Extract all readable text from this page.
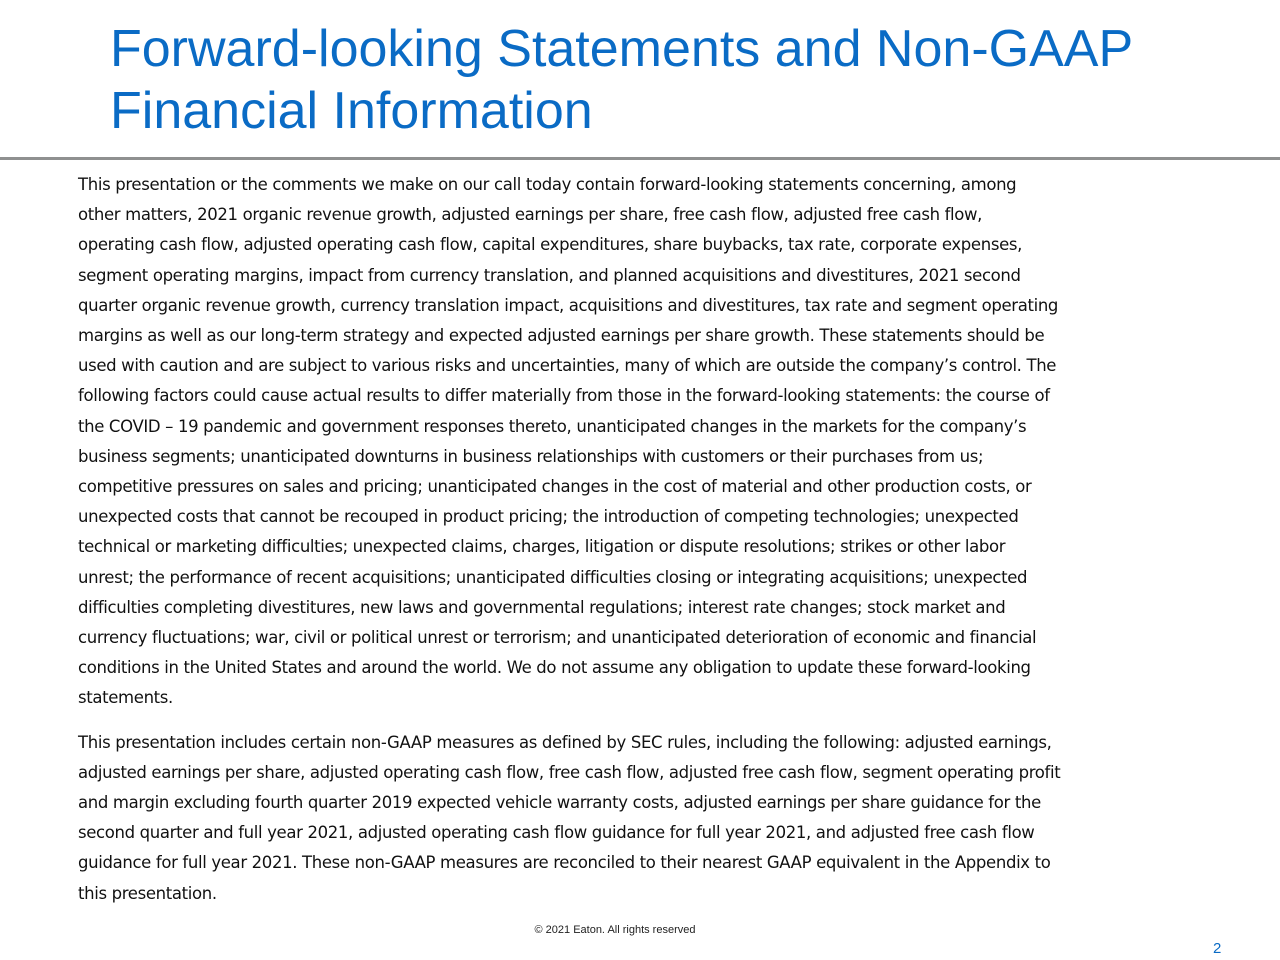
Forward-looking Statements and Non-GAAP
Financial Information

This presentation or the comments we make on our call today contain forward-looking statements concerning, among
other matters, 2021 organic revenue growth, adjusted earnings per share, free cash flow, adjusted free cash flow,
operating cash flow, adjusted operating cash flow, capital expenditures, share buybacks, tax rate, corporate expenses,
segment operating margins, impact from currency translation, and planned acquisitions and divestitures, 2021 second
quarter organic revenue growth, currency translation impact, acquisitions and divestitures, tax rate and segment operating
margins as well as our long-term strategy and expected adjusted earnings per share growth. These statements should be
used with caution and are subject to various risks and uncertainties, many of which are outside the company’s control. The
following factors could cause actual results to differ materially from those in the forward-looking statements: the course of
the COVID – 19 pandemic and government responses thereto, unanticipated changes in the markets for the company’s
business segments; unanticipated downturns in business relationships with customers or their purchases from us;
competitive pressures on sales and pricing; unanticipated changes in the cost of material and other production costs, or
unexpected costs that cannot be recouped in product pricing; the introduction of competing technologies; unexpected
technical or marketing difficulties; unexpected claims, charges, litigation or dispute resolutions; strikes or other labor
unrest; the performance of recent acquisitions; unanticipated difficulties closing or integrating acquisitions; unexpected
difficulties completing divestitures, new laws and governmental regulations; interest rate changes; stock market and
currency fluctuations; war, civil or political unrest or terrorism; and unanticipated deterioration of economic and financial
conditions in the United States and around the world. We do not assume any obligation to update these forward-looking
statements.

This presentation includes certain non-GAAP measures as defined by SEC rules, including the following: adjusted earnings,
adjusted earnings per share, adjusted operating cash flow, free cash flow, adjusted free cash flow, segment operating profit
and margin excluding fourth quarter 2019 expected vehicle warranty costs, adjusted earnings per share guidance for the
second quarter and full year 2021, adjusted operating cash flow guidance for full year 2021, and adjusted free cash flow
guidance for full year 2021. These non-GAAP measures are reconciled to their nearest GAAP equivalent in the Appendix to
this presentation.

© 2021 Eaton. All rights reserved
2
